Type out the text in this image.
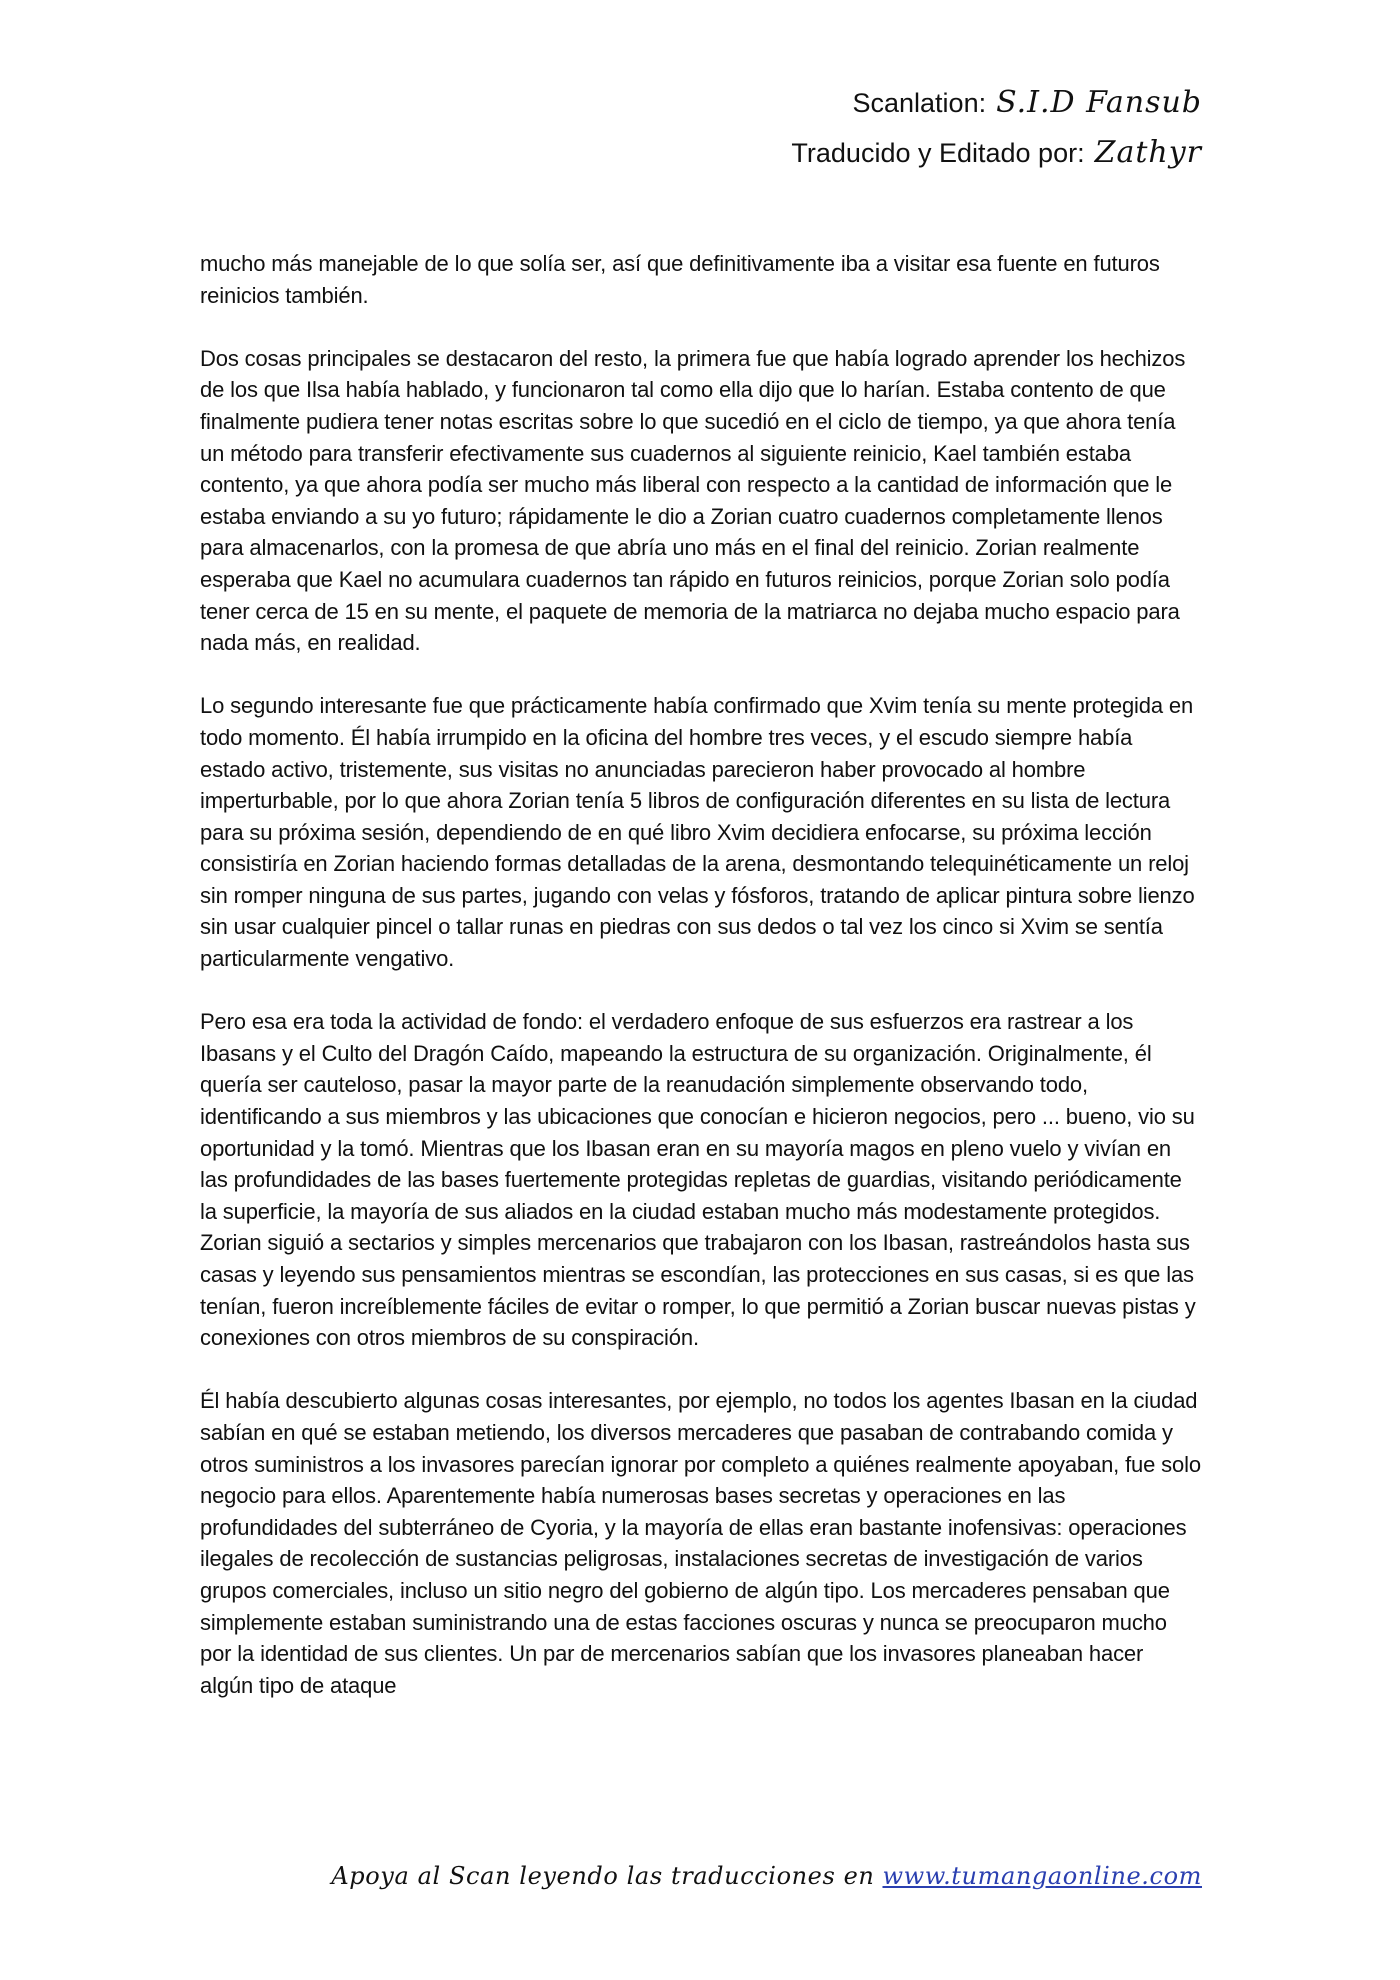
Scanlation: S.I.D Fansub
Traducido y Editado por: Zathyr

mucho más manejable de lo que solía ser, así que definitivamente iba a visitar esa fuente en futuros reinicios también.

Dos cosas principales se destacaron del resto, la primera fue que había logrado aprender los hechizos de los que Ilsa había hablado, y funcionaron tal como ella dijo que lo harían. Estaba contento de que finalmente pudiera tener notas escritas sobre lo que sucedió en el ciclo de tiempo, ya que ahora tenía un método para transferir efectivamente sus cuadernos al siguiente reinicio, Kael también estaba contento, ya que ahora podía ser mucho más liberal con respecto a la cantidad de información que le estaba enviando a su yo futuro; rápidamente le dio a Zorian cuatro cuadernos completamente llenos para almacenarlos, con la promesa de que abría uno más en el final del reinicio. Zorian realmente esperaba que Kael no acumulara cuadernos tan rápido en futuros reinicios, porque Zorian solo podía tener cerca de 15 en su mente, el paquete de memoria de la matriarca no dejaba mucho espacio para nada más, en realidad.

Lo segundo interesante fue que prácticamente había confirmado que Xvim tenía su mente protegida en todo momento. Él había irrumpido en la oficina del hombre tres veces, y el escudo siempre había estado activo, tristemente, sus visitas no anunciadas parecieron haber provocado al hombre imperturbable, por lo que ahora Zorian tenía 5 libros de configuración diferentes en su lista de lectura para su próxima sesión, dependiendo de en qué libro Xvim decidiera enfocarse, su próxima lección consistiría en Zorian haciendo formas detalladas de la arena, desmontando telequinéticamente un reloj sin romper ninguna de sus partes, jugando con velas y fósforos, tratando de aplicar pintura sobre lienzo sin usar cualquier pincel o tallar runas en piedras con sus dedos o tal vez los cinco si Xvim se sentía particularmente vengativo.

Pero esa era toda la actividad de fondo: el verdadero enfoque de sus esfuerzos era rastrear a los Ibasans y el Culto del Dragón Caído, mapeando la estructura de su organización. Originalmente, él quería ser cauteloso, pasar la mayor parte de la reanudación simplemente observando todo, identificando a sus miembros y las ubicaciones que conocían e hicieron negocios, pero ... bueno, vio su oportunidad y la tomó. Mientras que los Ibasan eran en su mayoría magos en pleno vuelo y vivían en las profundidades de las bases fuertemente protegidas repletas de guardias, visitando periódicamente la superficie, la mayoría de sus aliados en la ciudad estaban mucho más modestamente protegidos. Zorian siguió a sectarios y simples mercenarios que trabajaron con los Ibasan, rastreándolos hasta sus casas y leyendo sus pensamientos mientras se escondían, las protecciones en sus casas, si es que las tenían, fueron increíblemente fáciles de evitar o romper, lo que permitió a Zorian buscar nuevas pistas y conexiones con otros miembros de su conspiración.

Él había descubierto algunas cosas interesantes, por ejemplo, no todos los agentes Ibasan en la ciudad sabían en qué se estaban metiendo, los diversos mercaderes que pasaban de contrabando comida y otros suministros a los invasores parecían ignorar por completo a quiénes realmente apoyaban, fue solo negocio para ellos. Aparentemente había numerosas bases secretas y operaciones en las profundidades del subterráneo de Cyoria, y la mayoría de ellas eran bastante inofensivas: operaciones ilegales de recolección de sustancias peligrosas, instalaciones secretas de investigación de varios grupos comerciales, incluso un sitio negro del gobierno de algún tipo. Los mercaderes pensaban que simplemente estaban suministrando una de estas facciones oscuras y nunca se preocuparon mucho por la identidad de sus clientes. Un par de mercenarios sabían que los invasores planeaban hacer algún tipo de ataque

Apoya al Scan leyendo las traducciones en www.tumangaonline.com
